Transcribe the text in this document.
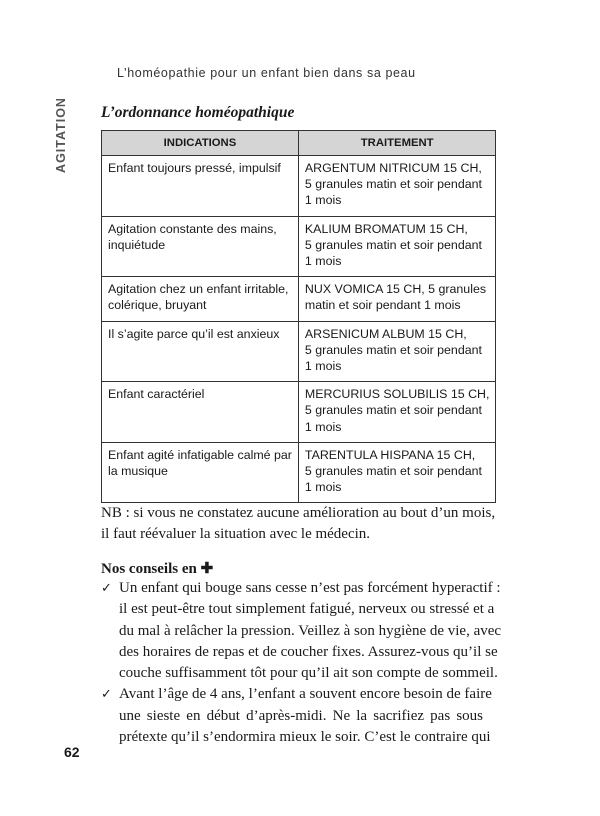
L’homéopathie pour un enfant bien dans sa peau
AGITATION L’ordonnance homéopathique
INDICATIONS	TRAITEMENT

Enfant toujours pressé, impulsif	ARGENTUM NITRICUM 15 CH,
5 granules matin et soir pendant
1 mois

Agitation constante des mains,
inquiétude	KALIUM BROMATUM 15 CH,
5 granules matin et soir pendant
1 mois

Agitation chez un enfant irritable,
colérique, bruyant	NUX VOMICA 15 CH, 5 granules
matin et soir pendant 1 mois

Il s’agite parce qu’il est anxieux	ARSENICUM ALBUM 15 CH,
5 granules matin et soir pendant
1 mois

Enfant caractériel	MERCURIUS SOLUBILIS 15 CH,
5 granules matin et soir pendant
1 mois

Enfant agité infatigable calmé par
la musique	TARENTULA HISPANA 15 CH,
5 granules matin et soir pendant
1 mois
NB : si vous ne constatez aucune amélioration au bout d’un mois,
il faut réévaluer la situation avec le médecin.
Nos conseils en ✚
✓ Un enfant qui bouge sans cesse n’est pas forcément hyperactif :
il est peut-être tout simplement fatigué, nerveux ou stressé et a
du mal à relâcher la pression. Veillez à son hygiène de vie, avec
des horaires de repas et de coucher fixes. Assurez-vous qu’il se
couche suffisamment tôt pour qu’il ait son compte de sommeil.
✓ Avant l’âge de 4 ans, l’enfant a souvent encore besoin de faire
une sieste en début d’après-midi. Ne la sacrifiez pas sous
prétexte qu’il s’endormira mieux le soir. C’est le contraire qui
62
